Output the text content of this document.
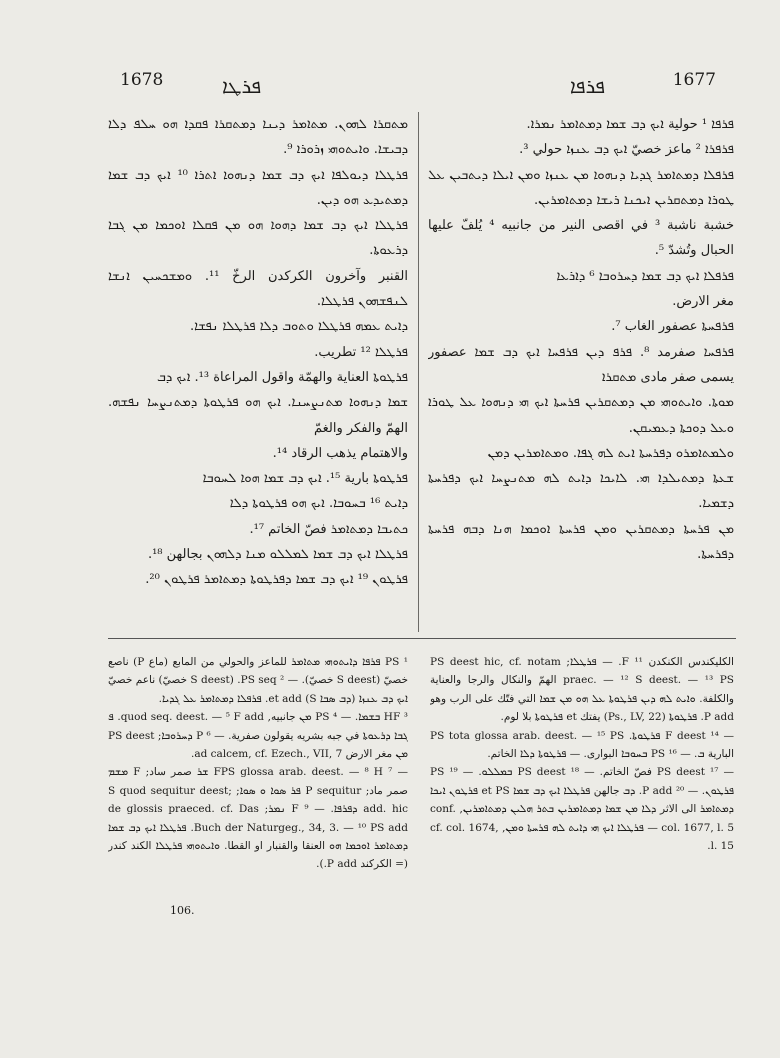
1678	ܦܪܛܐ	ܦܪܦܐ	1677

ܡܬܩܪܐ ܠܗܘܢ. ܡܬܐܡܪ ܕܝܢܐ ܕܡܬܩܪܐ ܦܩܕܐ ܗܘ ܚܠܦ ܕܠܐ ܕܒܝܫܐ. ܘܐܝܬܘܗܝ ܙܪܘܪܐ ⁹.

ܦܪܛܠܐ ܕܝܘܠܦܐ ܐܝܟ ܕܒ ܫܡܐ ܕܢܗܘܐ ܐܬܪܐ ¹⁰ ܐܝܟ ܕܒ ܫܡܐ ܕܡܬܝܕܥ ܗܘ ܕܝܢ.

ܦܪܛܠܐ ܐܝܟ ܕܒ ܫܡܐ ܕܗܘܐ ܗܘ ܡܢ ܦܩܠܐ ܐܘܟܡܐ ܡܢ ܓܒܐ ܕܪܥܘܬܐ.

القنبر وآخرون الكركدن الرخّ ¹¹. ܘܡܫܟܚܝܢ ܐܢܫܐ ܠܢܦܫܗܘܢ ܦܪܛܠܐ.

ܕܐܝܬ ܥܡܗ ܦܪܛܠܐ ܘܬܘܒ ܕܠܐ ܦܪܛܠܐ ܢܦܫܐ.

ܦܪܛܠܐ ¹² تطريب.

ܦܪܛܘܬܐ العناية والهمّة واقول المراعاة ¹³. ܐܝܟ ܕܒ

ܫܡܐ ܕܢܗܘܐ ܡܬܢܨܚܢܐ. ܐܝܟ ܗܘ ܦܪܛܘܬܐ ܕܡܬܢܨܚܐ ܢܦܫܗ. الهمّ والفكر والغمّ

والاهتمام يذهب الرقاد ¹⁴.

ܦܪܛܘܬܐ بارية ¹⁵. ܐܝܟ ܕܒ ܫܡܐ ܗܘܐ ܠܚܘܒܐ

ܕܐܝܬ ¹⁶ ܒܚܘܒܐ. ܐܝܟ ܗܘ ܦܪܛܘܬܐ ܕܠܐ

ܟܬܝܒܐ ܕܡܬܐܡܪ فصّ الخاتم ¹⁷.

ܦܪܛܠܐ ܐܝܟ ܕܒ ܫܡܐ ܠܡܠܠܘ ܡܢܐ ܕܠܗܘܢ بجالهن ¹⁸.

ܦܪܛܘܢ ¹⁹ ܐܝܟ ܕܒ ܫܡܐ ܕܦܪܛܘܬܐ ܕܡܬܐܡܪ ܦܪܛܘܢ ²⁰.

ܦܪܦܐ ¹ حولية ܐܝܟ ܕܒ ܫܡܐ ܕܡܬܐܡܪ ܢܡܪܐ.

ܦܪܦܪܐ ² ماعز خصيّ ܐܝܟ ܕܒ ܥܢܙܐ حولي ³.

ܦܪܦܠܐ ܕܡܬܐܡܪ ܓܕܝܐ ܕܢܗܘܐ ܡܢ ܥܢܙܐ ܘܡܢ ܐܝܠܐ ܕܝܬܒܝܢ ܥܠ ܛܘܪܐ ܕܡܬܩܪܝܢ ܐܝܟܢܐ ܪܝܫܐ ܕܡܬܐܡܪܝܢ.

خشبة ناشبة ³ في اقصى النير من جانبيه ⁴ يُلفّ عليها الحبال وتُشدّ ⁵.

ܦܪܦܠܐ ܐܝܟ ܕܒ ܫܡܐ ܕܚܪܘܒܐ ⁶ ܕܐܪܥܐ

مغر الارض.

ܦܪܦܚܬܐ عصفور الغاب ⁷.

ܦܪܦܚܐ صفرمد ⁸. ܦܪܦ ܕܝܢ ܦܪܦܚܐ ܐܝܟ ܕܒ ܫܡܐ عصفور يسمى صفر مادى ܡܬܩܪܐ

ܡܘܬܐ. ܘܐܝܬܘܗܝ ܡܢ ܕܡܬܩܪܝܢ ܦܪܚܬܐ ܐܝܟ ܗܝ ܕܢܗܘܐ ܥܠ ܛܘܪܐ ܘܥܠ ܕܘܟܬܐ ܕܥܡܝܩܢ.

ܘܠܡܬܐܡܪܘ ܕܦܪܚܬܐ ܐܝܬ ܠܗ ܓܦܐ. ܘܡܬܐܡܪܝܢ ܕܡܢ

ܫܥܬܐ ܕܡܬܝܠܕܐ ܗܝ. ܠܐܝܟܐ ܕܐܝܬ ܠܗ ܡܬܢܨܚܐ ܐܝܟ ܕܦܪܚܬܐ ܕܫܡܝܐ.

ܡܢ ܦܪܚܬܐ ܕܡܬܩܪܝܢ ܘܡܢ ܦܪܚܬܐ ܐܘܟܡܐ ܗܢܐ ܕܒܗ ܦܪܚܬܐ ܕܦܪܚܬܐ.

¹ PS ܦܪܦܐ ܕܐܝܬܘܗܝ ܡܬܐܡܪ للماعز والحولي من المابع (ماع P) ناصع خصيّ (S deest خصيّ). — ² PS seq. (S deest خصيّ) ناعم خصيّ ܐܝܟ ܕܒ ܥܢܙܐ (ܕܒ ܣܒܐ S) et add. ܦܪܦܠܐ ܕܡܬܐܡܪ ܥܠ ܓܕܝܐ.

³ HF ܒܫܡܐ. — ⁴ PS ܡܢ جانبيه, quod seq. deest. — ⁵ F add. ܦ ܓܒܐ ܕܪܥܘܬܐ في جبه بشريه يقولون صفرية. — ⁶ P ܕܚܪܘܒܐ; PS deest ܡܢ مغر الارض ad calcem, cf. Ezech., VII, 7.

— ⁷ FPS glossa arab. deest. — ⁸ H ܫܪ صمر ساد; F ܡܫܡ صمر ماد; P sequitur ܦܪ ܣܘܐ ܘ ܣܘܐ; S quod sequitur deest; add. hic ܕܦܪܦܐ. — ⁹ F ܢܡܪ; de glossis praeced. cf. Das Buch der Naturgeg., 34, 3. — ¹⁰ PS add. ܦܪܛܠܐ ܐܝܟ ܕܒ ܫܡܐ ܕܡܬܐܡܪ ܐܘܟܡܐ ܗܘ العنقا والقنبار او القطا. ܘܐܝܬܘܗܝ ܦܪܛܠܐ الكند كندر (= الكركند P add.).

الكليكندس الكنكدن ¹¹ F. — ܦܪܛܠܐ; PS deest hic, cf. notam praec. — ¹² S deest. — ¹³ PS الهمّ والنكال والرجا والعناية والكلفة. ܘܐܝܬ ܠܗ ܕܝܢ ܦܪܛܘܬܐ ܥܠ ܗܘ ܡܢ ܫܡܐ التي فتّك على الرب وهو P add. ܦܪܛܘܬܐ (Ps., LV, 22) يفتك et ܦܪܛܘܬܐ بلا لوم.

— ¹⁴ F deest ܦܪܛܘܬܐ. PS tota glossa arab. deest. — ¹⁵ PS البارية ܒ. — ¹⁶ PS ܒܚܘܒܐ البوارى. — ܦܪܛܘܬܐ ܕܠܐ الخاتم.

— ¹⁷ PS deest فصّ الخاتم. — ¹⁸ PS deest ܒܡܠܠܘ. — ¹⁹ PS ܦܪܛܘܢ. — ²⁰ P add. ܕܒ جالهن ܦܪܛܠܐ ܐܝܟ ܕܒ ܫܡܐ et PS ܦܪܛܘܢ ܐܝܟܐ ܕܡܬܐܡܪ الى الاثر ܕܠܐ ܡܢ ܫܡܐ ܕܡܬܐܡܪܝܢ ܒܬܪ ܗܠܝܢ ܕܡܬܐܡܪܝܢ, conf. col. 1677, l. 5 — ܦܪܛܠܐ ܐܝܟ ܗܝ ܕܐܝܬ ܠܗ ܦܪܚܬܐ ܘܡܢ, cf. col. 1674, l. 15.

106.
